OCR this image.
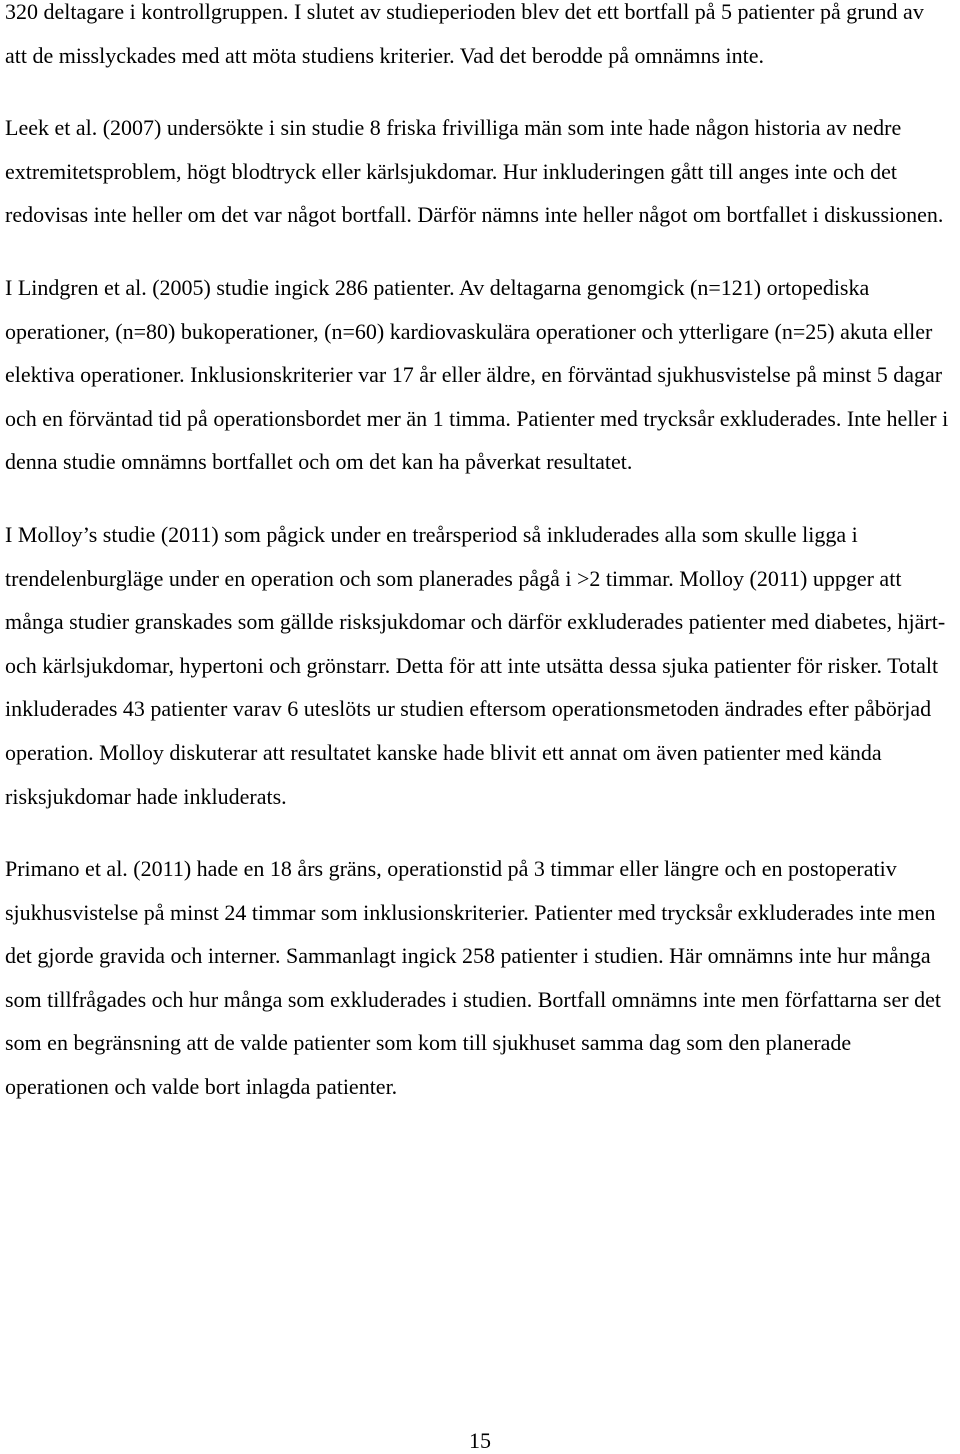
320 deltagare i kontrollgruppen. I slutet av studieperioden blev det ett bortfall på 5 patienter på grund av att de misslyckades med att möta studiens kriterier. Vad det berodde på omnämns inte.

Leek et al. (2007) undersökte i sin studie 8 friska frivilliga män som inte hade någon historia av nedre extremitetsproblem, högt blodtryck eller kärlsjukdomar. Hur inkluderingen gått till anges inte och det redovisas inte heller om det var något bortfall. Därför nämns inte heller något om bortfallet i diskussionen.

I Lindgren et al. (2005) studie ingick 286 patienter. Av deltagarna genomgick (n=121) ortopediska operationer, (n=80) bukoperationer, (n=60) kardiovaskulära operationer och ytterligare (n=25) akuta eller elektiva operationer. Inklusionskriterier var 17 år eller äldre, en förväntad sjukhusvistelse på minst 5 dagar och en förväntad tid på operationsbordet mer än 1 timma. Patienter med trycksår exkluderades. Inte heller i denna studie omnämns bortfallet och om det kan ha påverkat resultatet.

I Molloy’s studie (2011) som pågick under en treårsperiod så inkluderades alla som skulle ligga i trendelenburgläge under en operation och som planerades pågå i >2 timmar. Molloy (2011) uppger att många studier granskades som gällde risksjukdomar och därför exkluderades patienter med diabetes, hjärt- och kärlsjukdomar, hypertoni och grönstarr. Detta för att inte utsätta dessa sjuka patienter för risker. Totalt inkluderades 43 patienter varav 6 uteslöts ur studien eftersom operationsmetoden ändrades efter påbörjad operation. Molloy diskuterar att resultatet kanske hade blivit ett annat om även patienter med kända risksjukdomar hade inkluderats.

Primano et al. (2011) hade en 18 års gräns, operationstid på 3 timmar eller längre och en postoperativ sjukhusvistelse på minst 24 timmar som inklusionskriterier. Patienter med trycksår exkluderades inte men det gjorde gravida och interner. Sammanlagt ingick 258 patienter i studien. Här omnämns inte hur många som tillfrågades och hur många som exkluderades i studien. Bortfall omnämns inte men författarna ser det som en begränsning att de valde patienter som kom till sjukhuset samma dag som den planerade operationen och valde bort inlagda patienter.

15
